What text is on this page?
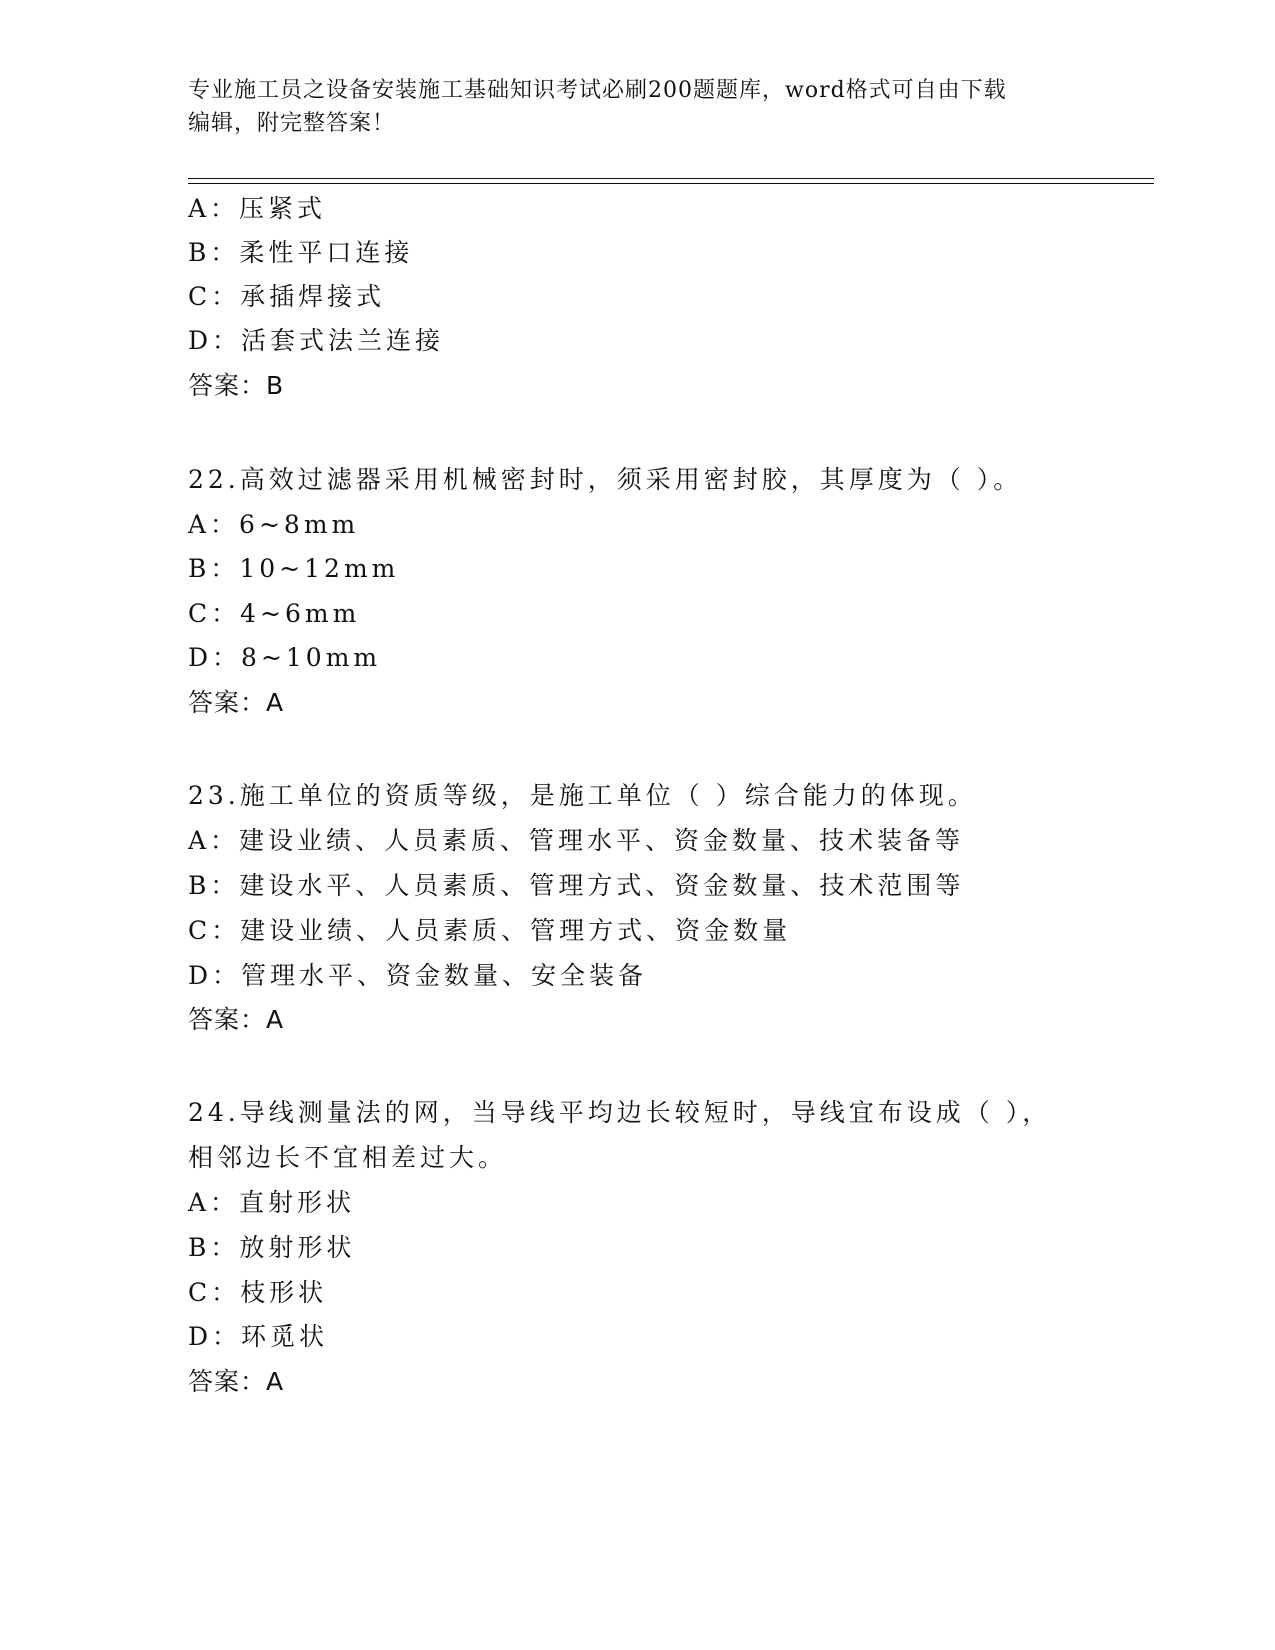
专业施工员之设备安装施工基础知识考试必刷200题题库，word格式可自由下载
编辑，附完整答案！
A：压紧式
B：柔性平口连接
C：承插焊接式
D：活套式法兰连接
答案：B
22.高效过滤器采用机械密封时，须采用密封胶，其厚度为（ ）。
A：6~8mm
B：10~12mm
C：4~6mm
D：8~10mm
答案：A
23.施工单位的资质等级，是施工单位（ ）综合能力的体现。
A：建设业绩、人员素质、管理水平、资金数量、技术装备等
B：建设水平、人员素质、管理方式、资金数量、技术范围等
C：建设业绩、人员素质、管理方式、资金数量
D：管理水平、资金数量、安全装备
答案：A
24.导线测量法的网，当导线平均边长较短时，导线宜布设成（ ），
相邻边长不宜相差过大。
A：直射形状
B：放射形状
C：枝形状
D：环觅状
答案：A
